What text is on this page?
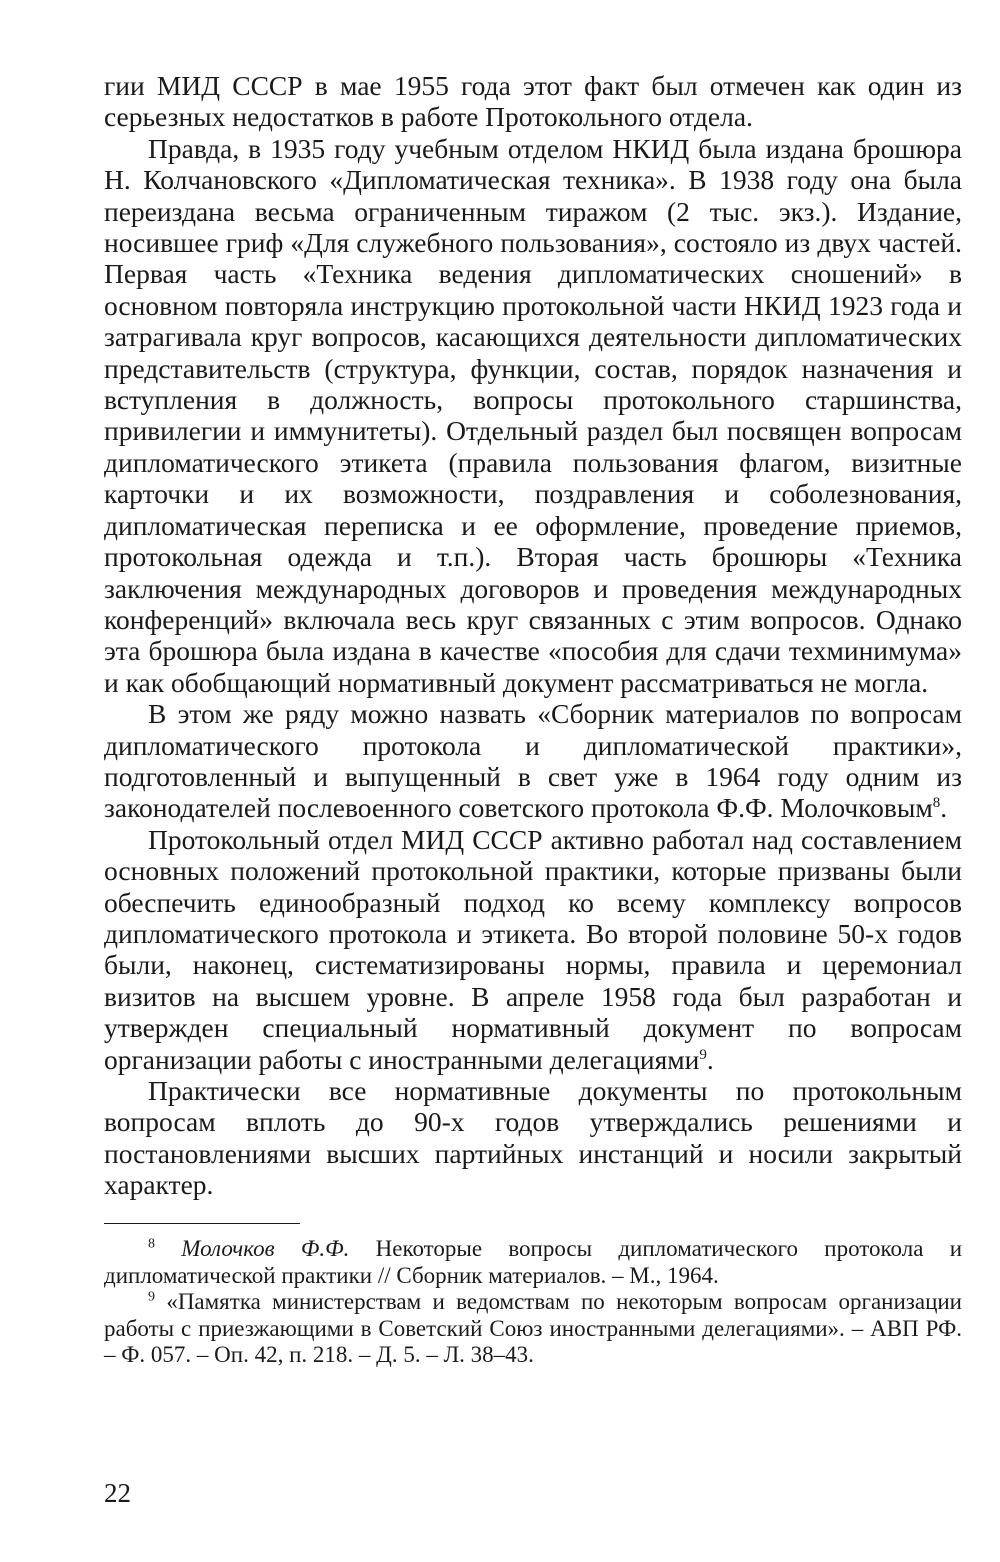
гии МИД СССР в мае 1955 года этот факт был отмечен как один из серьезных недостатков в работе Протокольного отдела.

Правда, в 1935 году учебным отделом НКИД была издана брошюра Н. Колчановского «Дипломатическая техника». В 1938 году она была переиздана весьма ограниченным тиражом (2 тыс. экз.). Издание, носившее гриф «Для служебного пользования», состояло из двух частей. Первая часть «Техника ведения дипломатических сношений» в основном повторяла инструкцию протокольной части НКИД 1923 года и затрагивала круг вопросов, касающихся деятельности дипломатических представительств (структура, функции, состав, порядок назначения и вступления в должность, вопросы протокольного старшинства, привилегии и иммунитеты). Отдельный раздел был посвящен вопросам дипломатического этикета (правила пользования флагом, визитные карточки и их возможности, поздравления и соболезнования, дипломатическая переписка и ее оформление, проведение приемов, протокольная одежда и т.п.). Вторая часть брошюры «Техника заключения международных договоров и проведения международных конференций» включала весь круг связанных с этим вопросов. Однако эта брошюра была издана в качестве «пособия для сдачи техминимума» и как обобщающий нормативный документ рассматриваться не могла.

В этом же ряду можно назвать «Сборник материалов по вопросам дипломатического протокола и дипломатической практики», подготовленный и выпущенный в свет уже в 1964 году одним из законодателей послевоенного советского протокола Ф.Ф. Молочковым$^8$.

Протокольный отдел МИД СССР активно работал над составлением основных положений протокольной практики, которые призваны были обеспечить единообразный подход ко всему комплексу вопросов дипломатического протокола и этикета. Во второй половине 50-х годов были, наконец, систематизированы нормы, правила и церемониал визитов на высшем уровне. В апреле 1958 года был разработан и утвержден специальный нормативный документ по вопросам организации работы с иностранными делегациями$^9$.

Практически все нормативные документы по протокольным вопросам вплоть до 90-х годов утверждались решениями и постановлениями высших партийных инстанций и носили закрытый характер.

$^8$ Молочков Ф.Ф. Некоторые вопросы дипломатического протокола и дипломатической практики // Сборник материалов. – М., 1964.

$^9$ «Памятка министерствам и ведомствам по некоторым вопросам организации работы с приезжающими в Советский Союз иностранными делегациями». – АВП РФ. – Ф. 057. – Оп. 42, п. 218. – Д. 5. – Л. 38–43.

22
